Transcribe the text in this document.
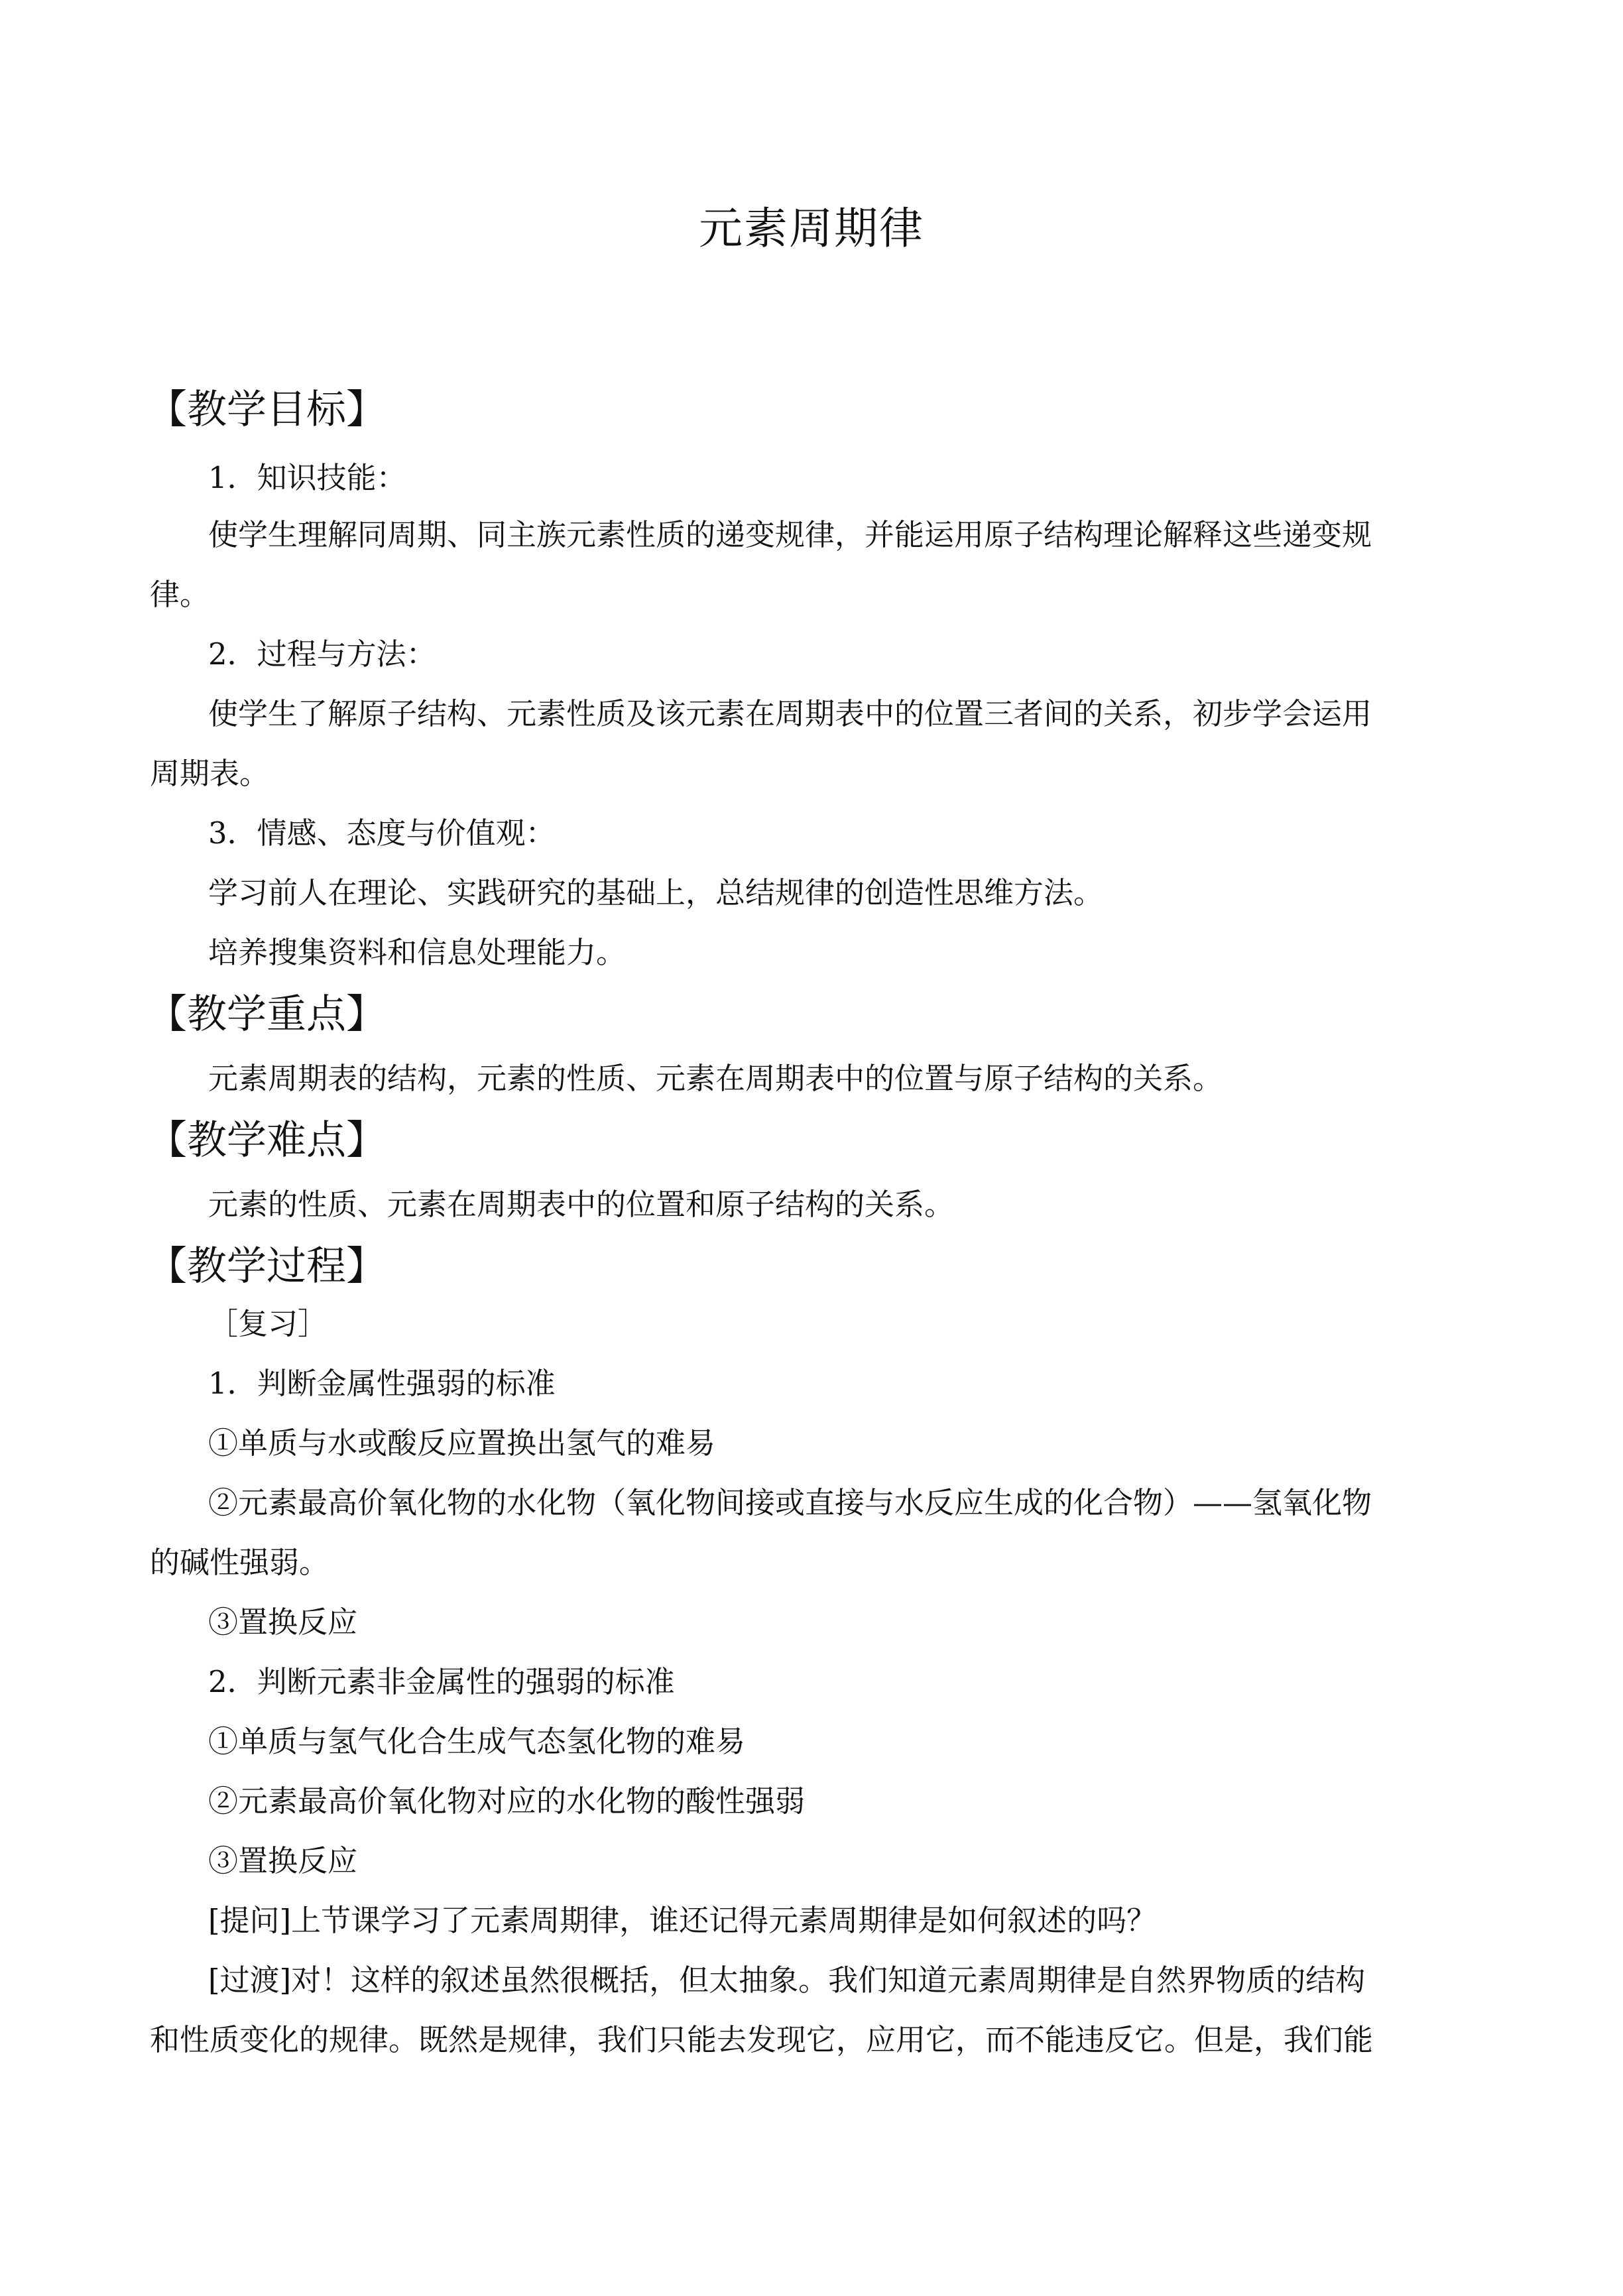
元素周期律
【教学目标】
1．知识技能：
使学生理解同周期、同主族元素性质的递变规律，并能运用原子结构理论解释这些递变规
律。
2．过程与方法：
使学生了解原子结构、元素性质及该元素在周期表中的位置三者间的关系，初步学会运用
周期表。
3．情感、态度与价值观：
学习前人在理论、实践研究的基础上，总结规律的创造性思维方法。
培养搜集资料和信息处理能力。
【教学重点】
元素周期表的结构，元素的性质、元素在周期表中的位置与原子结构的关系。
【教学难点】
元素的性质、元素在周期表中的位置和原子结构的关系。
【教学过程】
［复习］
1．判断金属性强弱的标准
①单质与水或酸反应置换出氢气的难易
②元素最高价氧化物的水化物（氧化物间接或直接与水反应生成的化合物）——氢氧化物
的碱性强弱。
③置换反应
2．判断元素非金属性的强弱的标准
①单质与氢气化合生成气态氢化物的难易
②元素最高价氧化物对应的水化物的酸性强弱
③置换反应
[提问]上节课学习了元素周期律，谁还记得元素周期律是如何叙述的吗？
[过渡]对！这样的叙述虽然很概括，但太抽象。我们知道元素周期律是自然界物质的结构
和性质变化的规律。既然是规律，我们只能去发现它，应用它，而不能违反它。但是，我们能
